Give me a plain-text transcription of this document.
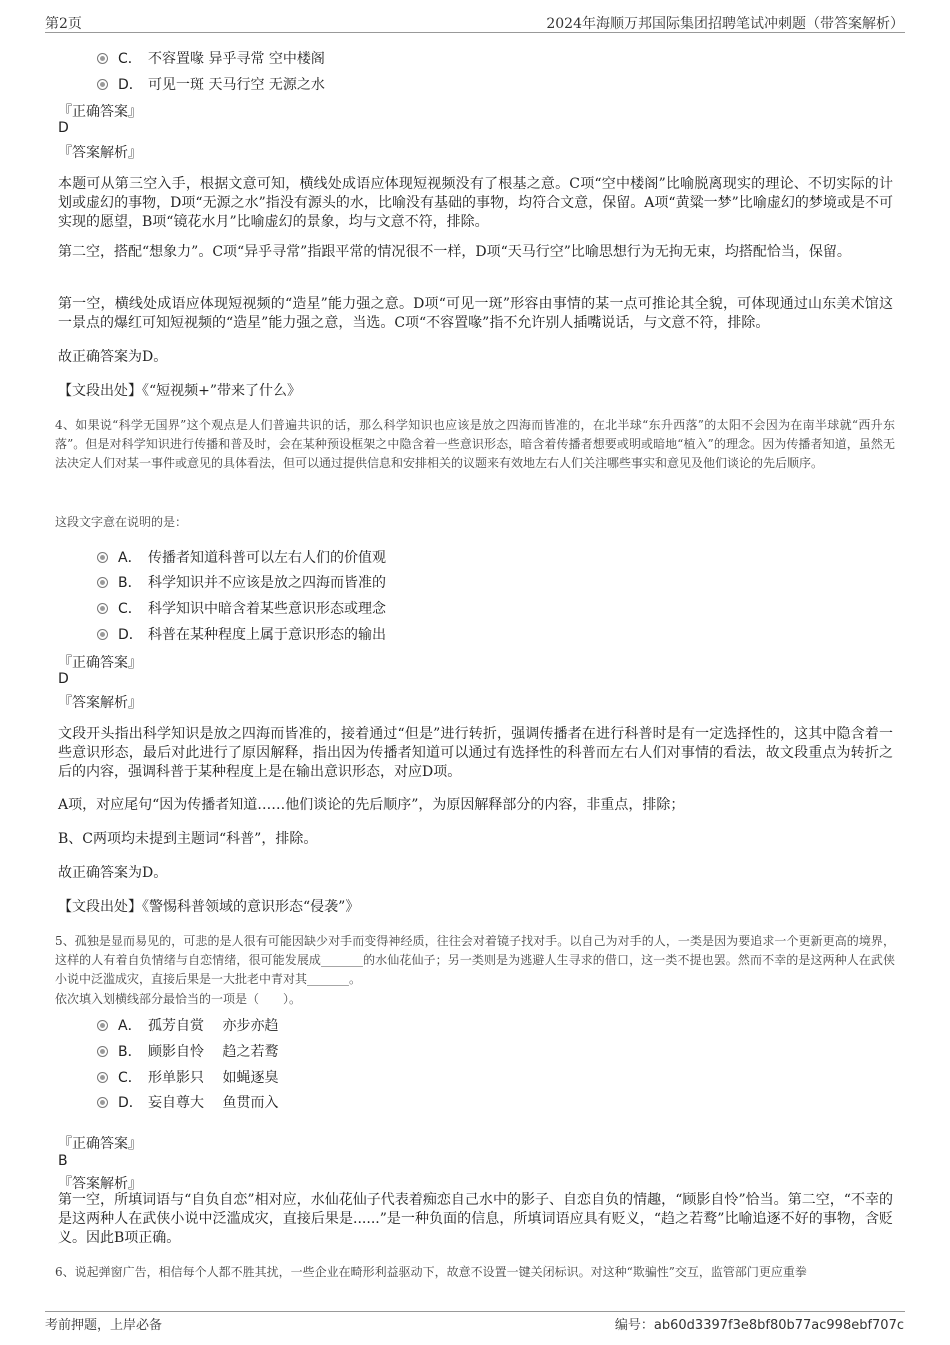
第2页	2024年海顺万邦国际集团招聘笔试冲刺题（带答案解析）
C． 不容置喙 异乎寻常 空中楼阁
D． 可见一斑 天马行空 无源之水
『正确答案』
D
『答案解析』
本题可从第三空入手，根据文意可知，横线处成语应体现短视频没有了根基之意。C项“空中楼阁”比喻脱离现实的理论、不切实际的计划或虚幻的事物，D项“无源之水”指没有源头的水，比喻没有基础的事物，均符合文意，保留。A项“黄粱一梦”比喻虚幻的梦境或是不可实现的愿望，B项“镜花水月”比喻虚幻的景象，均与文意不符，排除。
第二空，搭配“想象力”。C项“异乎寻常”指跟平常的情况很不一样，D项“天马行空”比喻思想行为无拘无束，均搭配恰当，保留。
第一空，横线处成语应体现短视频的“造星”能力强之意。D项“可见一斑”形容由事情的某一点可推论其全貌，可体现通过山东美术馆这一景点的爆红可知短视频的“造星”能力强之意，当选。C项“不容置喙”指不允许别人插嘴说话，与文意不符，排除。
故正确答案为D。
【文段出处】《“短视频+”带来了什么》
4、如果说“科学无国界”这个观点是人们普遍共识的话，那么科学知识也应该是放之四海而皆准的，在北半球“东升西落”的太阳不会因为在南半球就“西升东落”。但是对科学知识进行传播和普及时，会在某种预设框架之中隐含着一些意识形态，暗含着传播者想要或明或暗地“植入”的理念。因为传播者知道，虽然无法决定人们对某一事件或意见的具体看法，但可以通过提供信息和安排相关的议题来有效地左右人们关注哪些事实和意见及他们谈论的先后顺序。
这段文字意在说明的是：
A． 传播者知道科普可以左右人们的价值观
B． 科学知识并不应该是放之四海而皆准的
C． 科学知识中暗含着某些意识形态或理念
D． 科普在某种程度上属于意识形态的输出
『正确答案』
D
『答案解析』
文段开头指出科学知识是放之四海而皆准的，接着通过“但是”进行转折，强调传播者在进行科普时是有一定选择性的，这其中隐含着一些意识形态，最后对此进行了原因解释，指出因为传播者知道可以通过有选择性的科普而左右人们对事情的看法，故文段重点为转折之后的内容，强调科普于某种程度上是在输出意识形态，对应D项。
A项，对应尾句“因为传播者知道……他们谈论的先后顺序”，为原因解释部分的内容，非重点，排除；
B、C两项均未提到主题词“科普”，排除。
故正确答案为D。
【文段出处】《警惕科普领域的意识形态“侵袭”》
5、孤独是显而易见的，可悲的是人很有可能因缺少对手而变得神经质，往往会对着镜子找对手。以自己为对手的人，一类是因为要追求一个更新更高的境界，这样的人有着自负情绪与自恋情绪，很可能发展成_______的水仙花仙子；另一类则是为逃避人生寻求的借口，这一类不提也罢。然而不幸的是这两种人在武侠小说中泛滥成灾，直接后果是一大批老中青对其_______。
依次填入划横线部分最恰当的一项是（　　）。
A． 孤芳自赏　 亦步亦趋
B． 顾影自怜　 趋之若鹜
C． 形单影只　 如蝇逐臭
D． 妄自尊大　 鱼贯而入
『正确答案』
B
『答案解析』
第一空，所填词语与“自负自恋”相对应，水仙花仙子代表着痴恋自己水中的影子、自恋自负的情趣，“顾影自怜”恰当。第二空，“不幸的是这两种人在武侠小说中泛滥成灾，直接后果是......”是一种负面的信息，所填词语应具有贬义，“趋之若鹜”比喻追逐不好的事物，含贬义。因此B项正确。
6、说起弹窗广告，相信每个人都不胜其扰，一些企业在畸形利益驱动下，故意不设置一键关闭标识。对这种“欺骗性”交互，监管部门更应重拳
考前押题，上岸必备	编号：ab60d3397f3e8bf80b77ac998ebf707c
